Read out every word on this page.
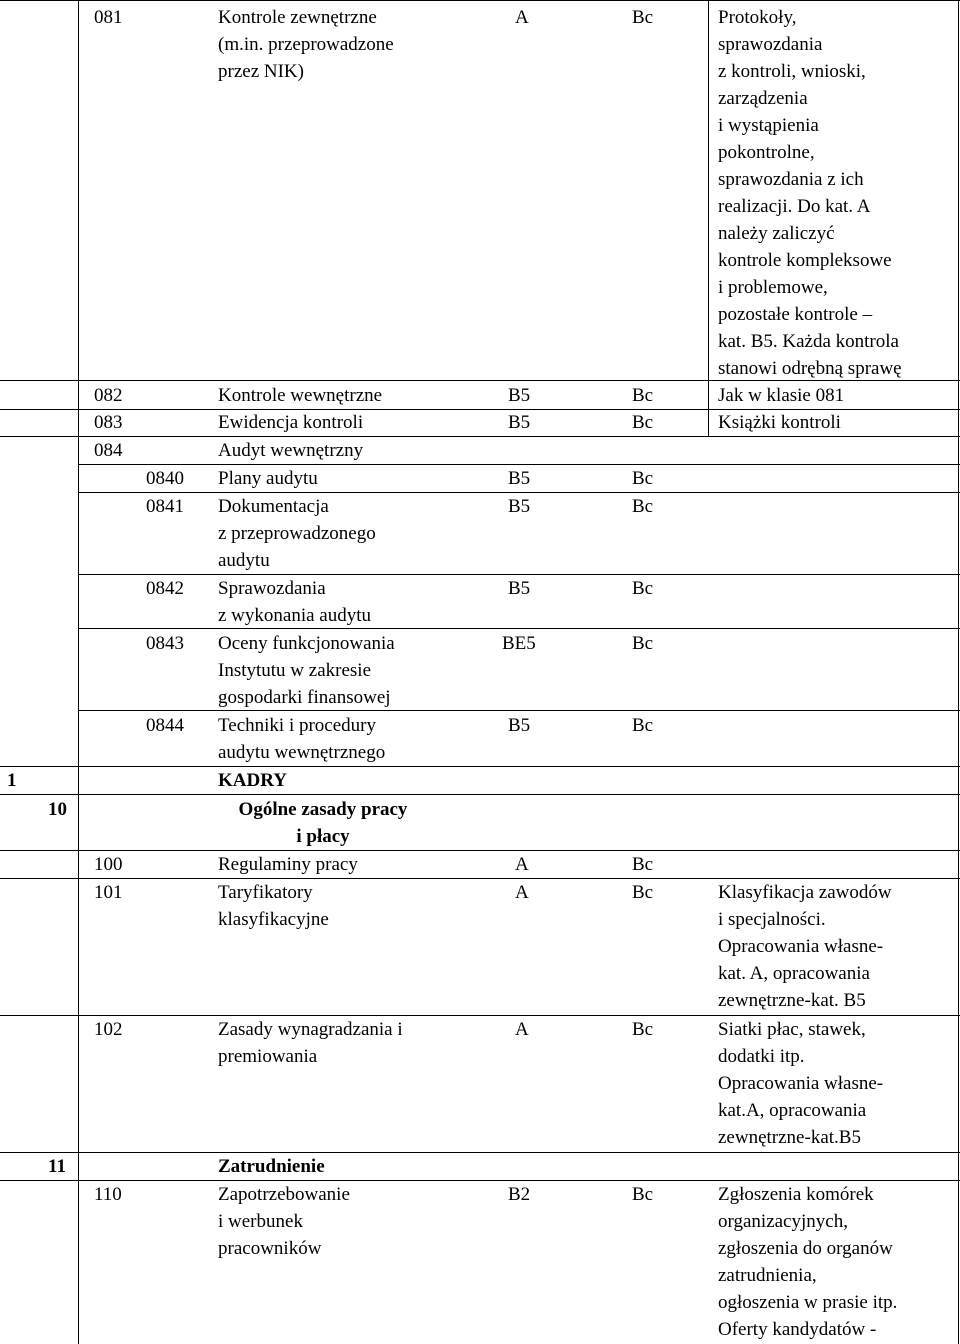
081	Kontrole zewnętrzne
(m.in. przeprowadzone
przez NIK)
A	Bc	Protokoły,
sprawozdania
z kontroli, wnioski,
zarządzenia
i wystąpienia
pokontrolne,
sprawozdania z ich
realizacji. Do kat. A
należy zaliczyć
kontrole kompleksowe
i problemowe,
pozostałe kontrole –
kat. B5. Każda kontrola
stanowi odrębną sprawę
082	Kontrole wewnętrzne	B5	Bc	Jak w klasie 081
083	Ewidencja kontroli	B5	Bc	Książki kontroli
084	Audyt wewnętrzny
0840 Plany audytu	B5	Bc
0841 Dokumentacja
z przeprowadzonego
audytu
B5	Bc
0842 Sprawozdania
z wykonania audytu
B5	Bc
0843 Oceny funkcjonowania
Instytutu w zakresie
gospodarki finansowej
BE5	Bc
0844 Techniki i procedury
audytu wewnętrznego
B5	Bc
1	KADRY
10	Ogólne zasady pracy
i płacy
100	Regulaminy pracy	A	Bc
101	Taryfikatory
klasyfikacyjne
A	Bc	Klasyfikacja zawodów
i specjalności.
Opracowania własne-
kat. A, opracowania
zewnętrzne-kat. B5
102	Zasady wynagradzania i
premiowania
A	Bc	Siatki płac, stawek,
dodatki itp.
Opracowania własne-
kat.A, opracowania
zewnętrzne-kat.B5
11	Zatrudnienie
110	Zapotrzebowanie
i werbunek
pracowników
B2	Bc	Zgłoszenia komórek
organizacyjnych,
zgłoszenia do organów
zatrudnienia,
ogłoszenia w prasie itp.
Oferty kandydatów -
